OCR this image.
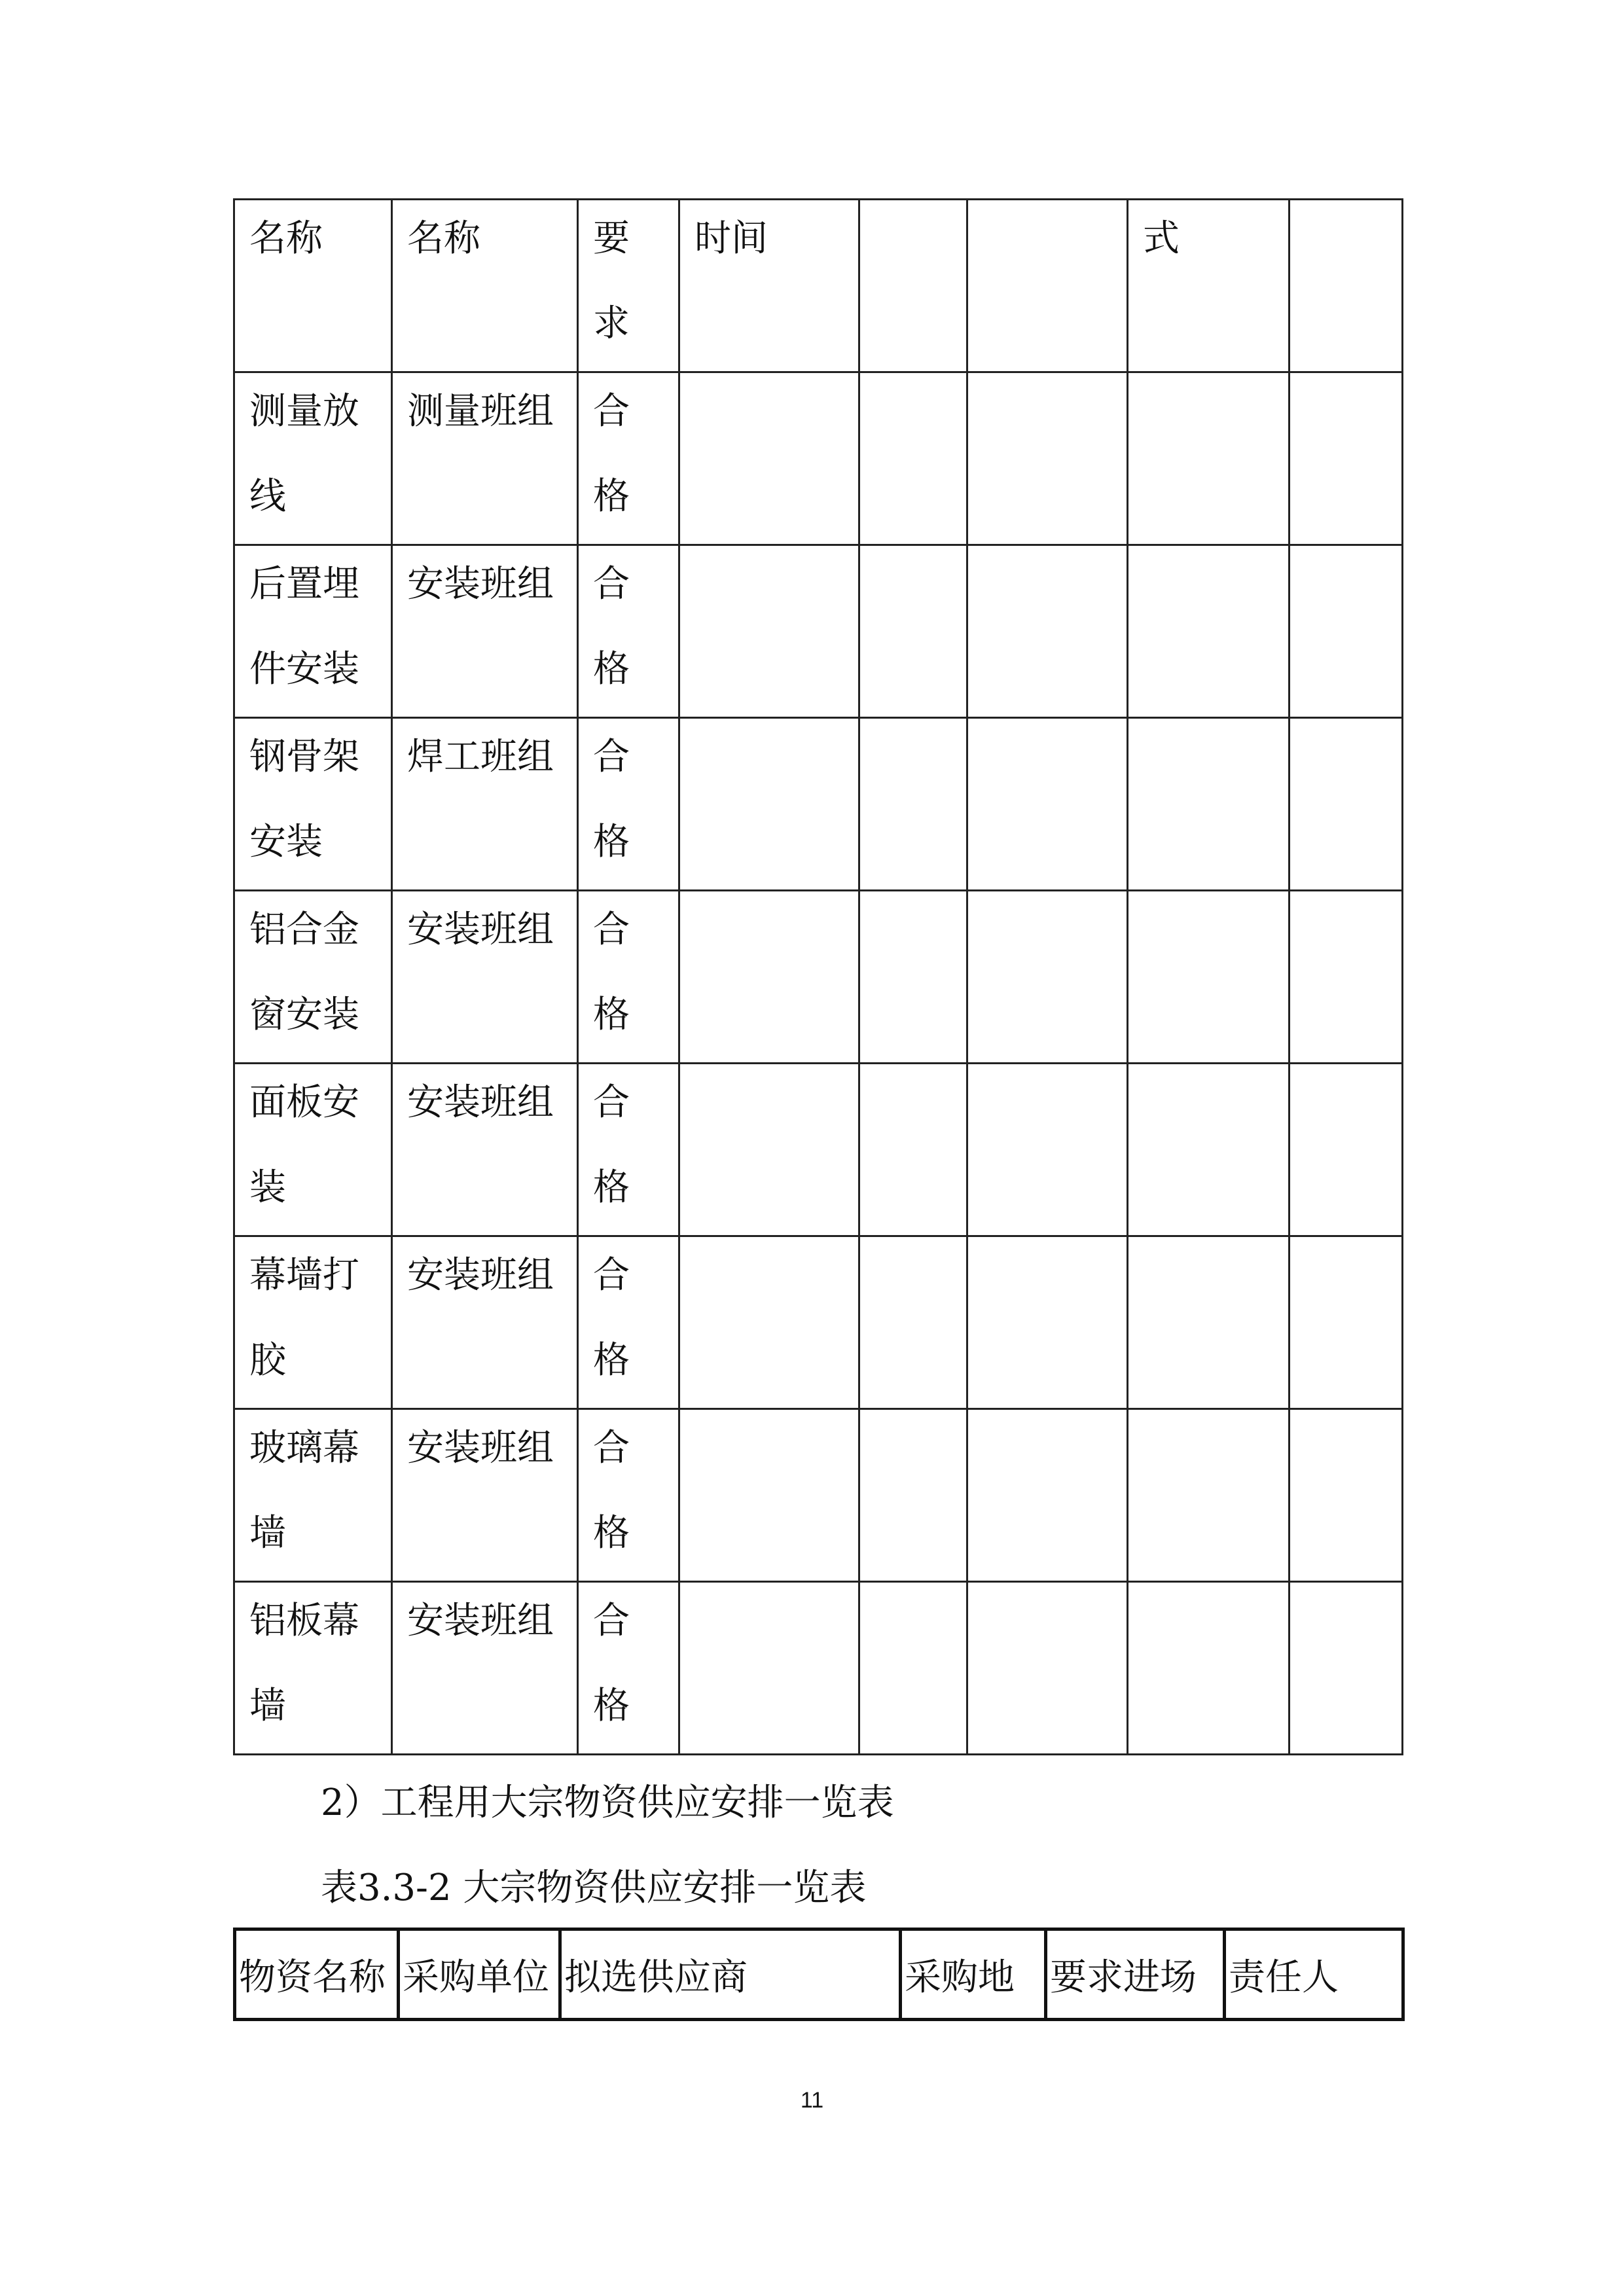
名称	名称	要求	时间			式	

测量放线	测量班组	合格					

后置埋件安装	安装班组	合格					

钢骨架安装	焊工班组	合格					

铝合金窗安装	安装班组	合格					

面板安装	安装班组	合格					

幕墙打胶	安装班组	合格					

玻璃幕墙	安装班组	合格					

铝板幕墙	安装班组	合格					

2）工程用大宗物资供应安排一览表
表3.3-2 大宗物资供应安排一览表
物资名称	采购单位	拟选供应商	采购地	要求进场	责任人
11
